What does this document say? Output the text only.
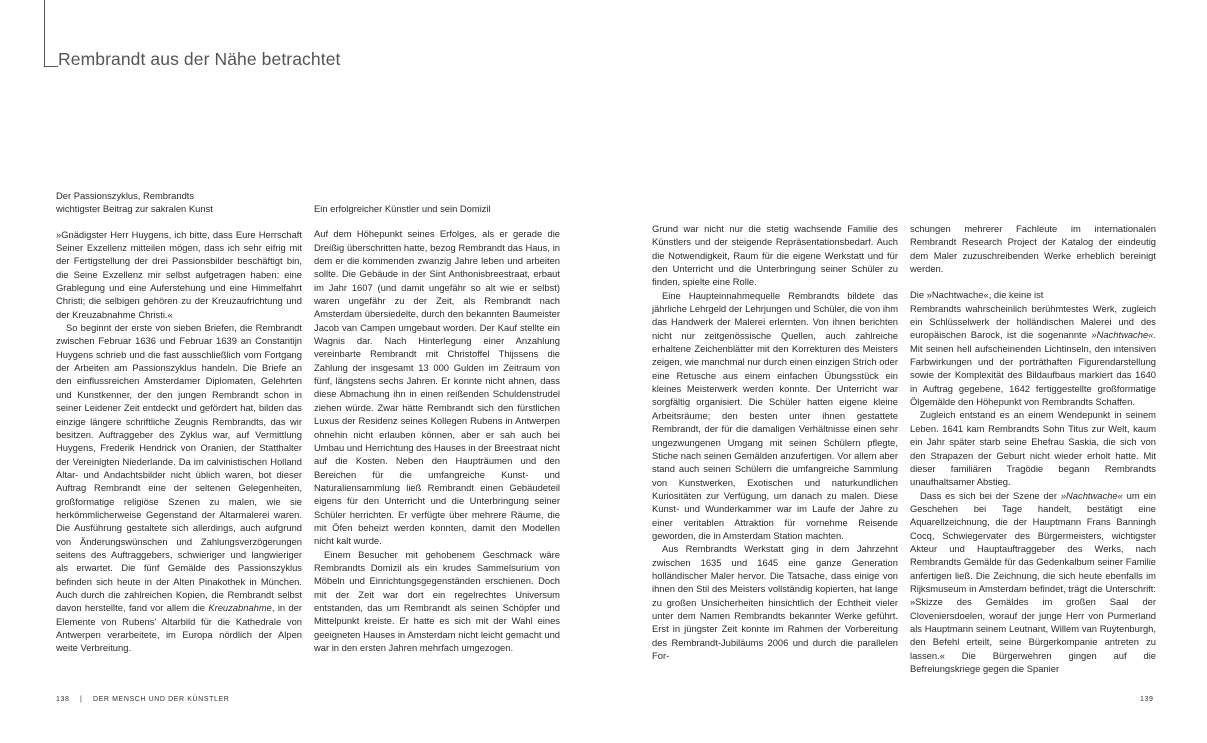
Rembrandt aus der Nähe betrachtet
Der Passionszyklus, Rembrandts
wichtigster Beitrag zur sakralen Kunst

»Gnädigster Herr Huygens, ich bitte, dass Eure Herrschaft Seiner Exzellenz mitteilen mögen, dass ich sehr eifrig mit der Fertigstellung der drei Passionsbilder beschäftigt bin, die Seine Exzellenz mir selbst aufgetragen haben: eine Grablegung und eine Auferstehung und eine Himmelfahrt Christi; die selbigen gehören zu der Kreuzaufrichtung und der Kreuzabnahme Christi.«

So beginnt der erste von sieben Briefen, die Rembrandt zwischen Februar 1636 und Februar 1639 an Constantijn Huygens schrieb und die fast ausschließlich vom Fortgang der Arbeiten am Passionszyklus handeln. Die Briefe an den einflussreichen Amsterdamer Diplomaten, Gelehrten und Kunstkenner, der den jungen Rembrandt schon in seiner Leidener Zeit entdeckt und gefördert hat, bilden das einzige längere schriftliche Zeugnis Rembrandts, das wir besitzen. Auftraggeber des Zyklus war, auf Vermittlung Huygens, Frederik Hendrick von Oranien, der Statthalter der Vereinigten Niederlande. Da im calvinistischen Holland Altar- und Andachtsbilder nicht üblich waren, bot dieser Auftrag Rembrandt eine der seltenen Gelegenheiten, großformatige religiöse Szenen zu malen, wie sie herkömmlicherweise Gegenstand der Altarmalerei waren. Die Ausführung gestaltete sich allerdings, auch aufgrund von Änderungswünschen und Zahlungsverzögerungen seitens des Auftraggebers, schwieriger und langwieriger als erwartet. Die fünf Gemälde des Passionszyklus befinden sich heute in der Alten Pinakothek in München. Auch durch die zahlreichen Kopien, die Rembrandt selbst davon herstellte, fand vor allem die Kreuzabnahme, in der Elemente von Rubens' Altarbild für die Kathedrale von Antwerpen verarbeitete, im Europa nördlich der Alpen weite Verbreitung.

Ein erfolgreicher Künstler und sein Domizil

Auf dem Höhepunkt seines Erfolges, als er gerade die Dreißig überschritten hatte, bezog Rembrandt das Haus, in dem er die kommenden zwanzig Jahre leben und arbeiten sollte. Die Gebäude in der Sint Anthonisbreestraat, erbaut im Jahr 1607 (und damit ungefähr so alt wie er selbst) waren ungefähr zu der Zeit, als Rembrandt nach Amsterdam übersiedelte, durch den bekannten Baumeister Jacob van Campen umgebaut worden. Der Kauf stellte ein Wagnis dar. Nach Hinterlegung einer Anzahlung vereinbarte Rembrandt mit Christoffel Thijssens die Zahlung der insgesamt 13 000 Gulden im Zeitraum von fünf, längstens sechs Jahren. Er konnte nicht ahnen, dass diese Abmachung ihn in einen reißenden Schuldenstrudel ziehen würde. Zwar hätte Rembrandt sich den fürstlichen Luxus der Residenz seines Kollegen Rubens in Antwerpen ohnehin nicht erlauben können, aber er sah auch bei Umbau und Herrichtung des Hauses in der Breestraat nicht auf die Kosten. Neben den Haupträumen und den Bereichen für die umfangreiche Kunst- und Naturaliensammlung ließ Rembrandt einen Gebäudeteil eigens für den Unterricht und die Unterbringung seiner Schüler herrichten. Er verfügte über mehrere Räume, die mit Öfen beheizt werden konnten, damit den Modellen nicht kalt wurde.

Einem Besucher mit gehobenem Geschmack wäre Rembrandts Domizil als ein krudes Sammelsurium von Möbeln und Einrichtungsgegenständen erschienen. Doch mit der Zeit war dort ein regelrechtes Universum entstanden, das um Rembrandt als seinen Schöpfer und Mittelpunkt kreiste. Er hatte es sich mit der Wahl eines geeigneten Hauses in Amsterdam nicht leicht gemacht und war in den ersten Jahren mehrfach umgezogen.

Grund war nicht nur die stetig wachsende Familie des Künstlers und der steigende Repräsentationsbedarf. Auch die Notwendigkeit, Raum für die eigene Werkstatt und für den Unterricht und die Unterbringung seiner Schüler zu finden, spielte eine Rolle.

Eine Haupteinnahmequelle Rembrandts bildete das jährliche Lehrgeld der Lehrjungen und Schüler, die von ihm das Handwerk der Malerei erlernten. Von ihnen berichten nicht nur zeitgenössische Quellen, auch zahlreiche erhaltene Zeichenblätter mit den Korrekturen des Meisters zeigen, wie manchmal nur durch einen einzigen Strich oder eine Retusche aus einem einfachen Übungsstück ein kleines Meisterwerk werden konnte. Der Unterricht war sorgfältig organisiert. Die Schüler hatten eigene kleine Arbeitsräume; den besten unter ihnen gestattete Rembrandt, der für die damaligen Verhältnisse einen sehr ungezwungenen Umgang mit seinen Schülern pflegte, Stiche nach seinen Gemälden anzufertigen. Vor allem aber stand auch seinen Schülern die umfangreiche Sammlung von Kunstwerken, Exotischen und naturkundlichen Kuriositäten zur Verfügung, um danach zu malen. Diese Kunst- und Wunderkammer war im Laufe der Jahre zu einer veritablen Attraktion für vornehme Reisende geworden, die in Amsterdam Station machten.

Aus Rembrandts Werkstatt ging in dem Jahrzehnt zwischen 1635 und 1645 eine ganze Generation holländischer Maler hervor. Die Tatsache, dass einige von ihnen den Stil des Meisters vollständig kopierten, hat lange zu großen Unsicherheiten hinsichtlich der Echtheit vieler unter dem Namen Rembrandts bekannter Werke geführt. Erst in jüngster Zeit konnte im Rahmen der Vorbereitung des Rembrandt-Jubiläums 2006 und durch die parallelen For-

schungen mehrerer Fachleute im internationalen Rembrandt Research Project der Katalog der eindeutig dem Maler zuzuschreibenden Werke erheblich bereinigt werden.

Die »Nachtwache«, die keine ist

Rembrandts wahrscheinlich berühmtestes Werk, zugleich ein Schlüsselwerk der holländischen Malerei und des europäischen Barock, ist die sogenannte »Nachtwache«. Mit seinen hell aufscheinenden Lichtinseln, den intensiven Farbwirkungen und der porträthaften Figurendarstellung sowie der Komplexität des Bildaufbaus markiert das 1640 in Auftrag gegebene, 1642 fertiggestellte großformatige Ölgemälde den Höhepunkt von Rembrandts Schaffen.

Zugleich entstand es an einem Wendepunkt in seinem Leben. 1641 kam Rembrandts Sohn Titus zur Welt, kaum ein Jahr später starb seine Ehefrau Saskia, die sich von den Strapazen der Geburt nicht wieder erholt hatte. Mit dieser familiären Tragödie begann Rembrandts unaufhaltsamer Abstieg.

Dass es sich bei der Szene der »Nachtwache« um ein Geschehen bei Tage handelt, bestätigt eine Aquarellzeichnung, die der Hauptmann Frans Banningh Cocq, Schwiegervater des Bürgermeisters, wichtigster Akteur und Hauptauftraggeber des Werks, nach Rembrandts Gemälde für das Gedenkalbum seiner Familie anfertigen ließ. Die Zeichnung, die sich heute ebenfalls im Rijksmuseum in Amsterdam befindet, trägt die Unterschrift: »Skizze des Gemäldes im großen Saal der Cloveniersdoelen, worauf der junge Herr von Purmerland als Hauptmann seinem Leutnant, Willem van Ruytenburgh, den Befehl erteilt, seine Bürgerkompanie antreten zu lassen.« Die Bürgerwehren gingen auf die Befreiungskriege gegen die Spanier

138 | DER MENSCH UND DER KÜNSTLER	139
